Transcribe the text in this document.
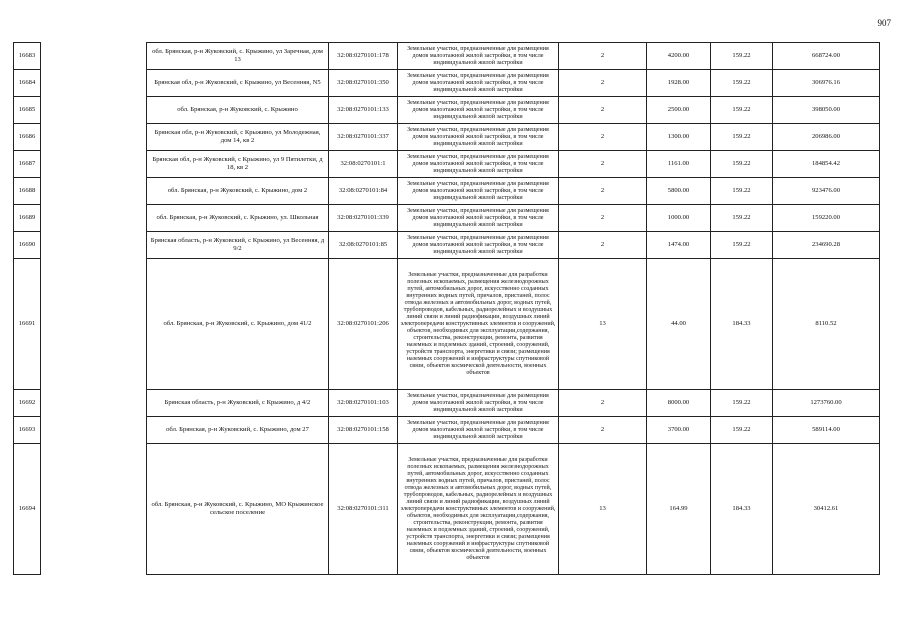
907
16683		обл. Брянская, р-н Жуковский, с. Крыжино, ул Заречная, дом 13	32:08:0270101:178	Земельные участки, предназначенные для размещения домов малоэтажной жилой застройки, в том числе индивидуальной жилой застройки	2	4200.00	159.22	668724.00
16684		Брянская обл, р-н Жуковский, с Крыжино, ул Весенняя, N5	32:08:0270101:350	Земельные участки, предназначенные для размещения домов малоэтажной жилой застройки, в том числе индивидуальной жилой застройки	2	1928.00	159.22	306976.16
16685		обл. Брянская, р-н Жуковский, с. Крыжино	32:08:0270101:133	Земельные участки, предназначенные для размещения домов малоэтажной жилой застройки, в том числе индивидуальной жилой застройки	2	2500.00	159.22	398050.00
16686		Брянская обл, р-н Жуковский, с Крыжино, ул Молодежная, дом 14, кв 2	32:08:0270101:337	Земельные участки, предназначенные для размещения домов малоэтажной жилой застройки, в том числе индивидуальной жилой застройки	2	1300.00	159.22	206986.00
16687		Брянская обл, р-н Жуковский, с Крыжино, ул 9 Пятилетки, д 18, кв 2	32:08:0270101:1	Земельные участки, предназначенные для размещения домов малоэтажной жилой застройки, в том числе индивидуальной жилой застройки	2	1161.00	159.22	184854.42
16688		обл. Брянская, р-н Жуковский, с. Крыжино, дом 2	32:08:0270101:84	Земельные участки, предназначенные для размещения домов малоэтажной жилой застройки, в том числе индивидуальной жилой застройки	2	5800.00	159.22	923476.00
16689		обл. Брянская, р-н Жуковский, с. Крыжино, ул. Школьная	32:08:0270101:339	Земельные участки, предназначенные для размещения домов малоэтажной жилой застройки, в том числе индивидуальной жилой застройки	2	1000.00	159.22	159220.00
16690		Брянская область, р-н Жуковский, с Крыжино, ул Весенняя, д 9/2	32:08:0270101:85	Земельные участки, предназначенные для размещения домов малоэтажной жилой застройки, в том числе индивидуальной жилой застройки	2	1474.00	159.22	234690.28
16691		обл. Брянская, р-н Жуковский, с. Крыжино, дом 41/2	32:08:0270101:206	Земельные участки, предназначенные для разработки полезных ископаемых, размещения железнодорожных путей, автомобильных дорог, искусственно созданных внутренних водных путей, причалов, пристаней, полос отвода железных и автомобильных дорог, водных путей, трубопроводов, кабельных, радиорелейных и воздушных линий связи и линий радиофикации, воздушных линий электропередачи конструктивных элементов и сооружений, объектов, необходимых для эксплуатации,содержания, строительства, реконструкции, ремонта, развития наземных и подземных зданий, строений, сооружений, устройств транспорта, энергетики и связи; размещения наземных сооружений и инфраструктуры спутниковой связи, объектов космической деятельности, военных объектов	13	44.00	184.33	8110.52
16692		Брянская область, р-н Жуковский, с Крыжино, д 4/2	32:08:0270101:103	Земельные участки, предназначенные для размещения домов малоэтажной жилой застройки, в том числе индивидуальной жилой застройки	2	8000.00	159.22	1273760.00
16693		обл. Брянская, р-н Жуковский, с. Крыжино, дом 27	32:08:0270101:158	Земельные участки, предназначенные для размещения домов малоэтажной жилой застройки, в том числе индивидуальной жилой застройки	2	3700.00	159.22	589114.00
16694		обл. Брянская, р-н Жуковский, с. Крыжино, МО Крыжинское сельское поселение	32:08:0270101:311	Земельные участки, предназначенные для разработки полезных ископаемых, размещения железнодорожных путей, автомобильных дорог, искусственно созданных внутренних водных путей, причалов, пристаней, полос отвода железных и автомобильных дорог, водных путей, трубопроводов, кабельных, радиорелейных и воздушных линий связи и линий радиофикации, воздушных линий электропередачи конструктивных элементов и сооружений, объектов, необходимых для эксплуатации,содержания, строительства, реконструкции, ремонта, развития наземных и подземных зданий, строений, сооружений, устройств транспорта, энергетики и связи; размещения наземных сооружений и инфраструктуры спутниковой связи, объектов космической деятельности, военных объектов	13	164.99	184.33	30412.61
